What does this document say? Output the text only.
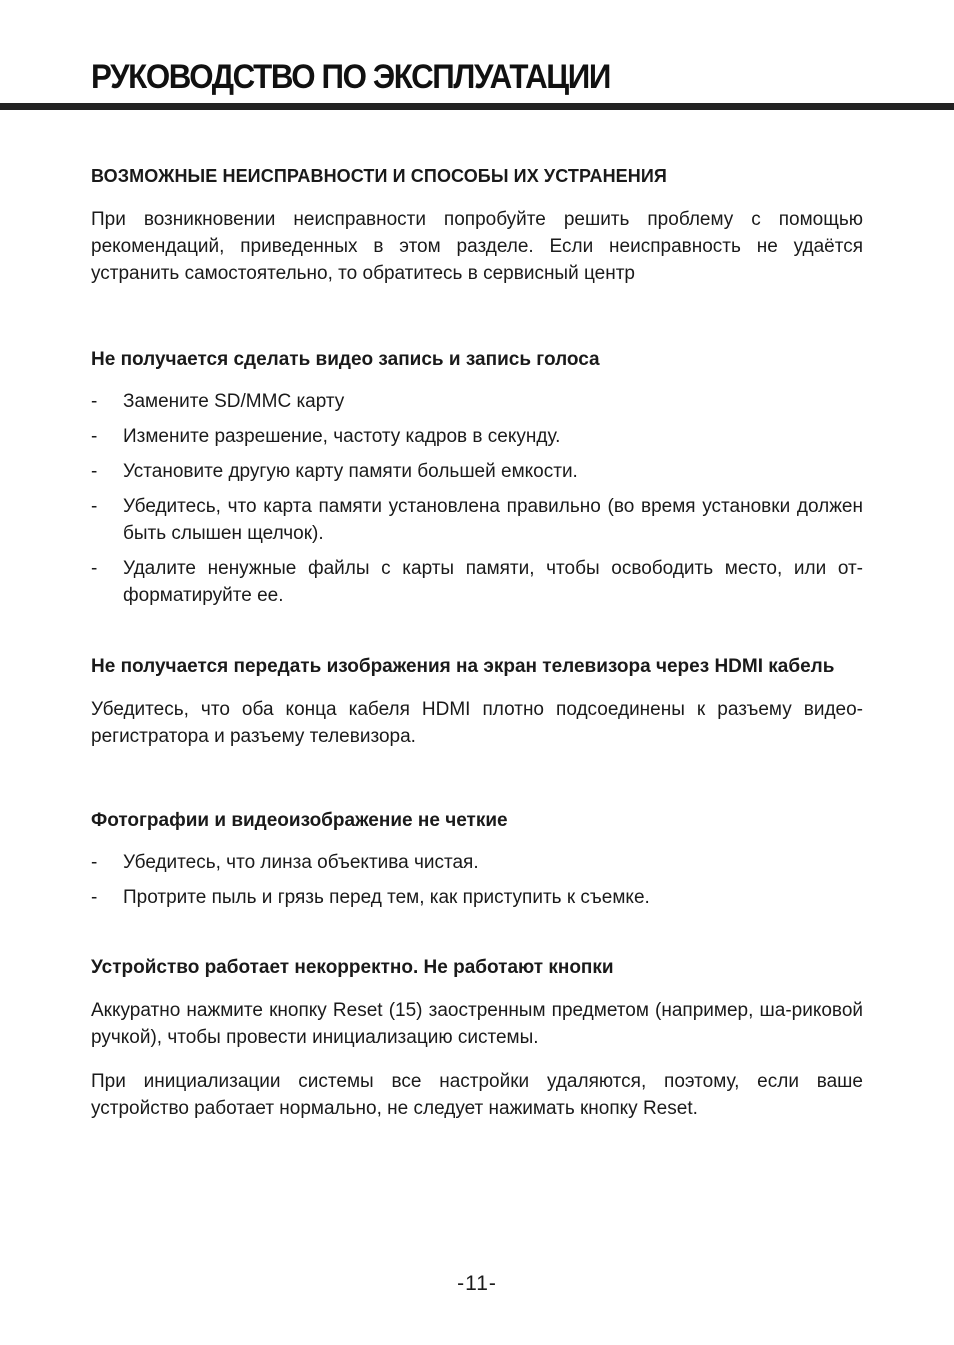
РУКОВОДСТВО ПО ЭКСПЛУАТАЦИИ
ВОЗМОЖНЫЕ НЕИСПРАВНОСТИ И СПОСОБЫ ИХ УСТРАНЕНИЯ

При возникновении неисправности попробуйте решить проблему с помощью рекомендаций, приведенных в этом разделе. Если неисправность не удаётся устранить самостоятельно, то обратитесь в сервисный центр

Не получается сделать видео запись и запись голоса
- Замените SD/MMC карту
- Измените разрешение, частоту кадров в секунду.
- Установите другую карту памяти большей емкости.
- Убедитесь, что карта памяти установлена правильно (во время установки должен быть слышен щелчок).
- Удалите ненужные файлы с карты памяти, чтобы освободить место, или от-форматируйте ее.
Не получается передать изображения на экран телевизора через HDMI кабель

Убедитесь, что оба конца кабеля HDMI плотно подсоединены к разъему видео-регистратора и разъему телевизора.

Фотографии и видеоизображение не четкие
- Убедитесь, что линза объектива чистая.
- Протрите пыль и грязь перед тем, как приступить к съемке.
Устройство работает некорректно. Не работают кнопки

Аккуратно нажмите кнопку Reset (15) заостренным предметом (например, ша-риковой ручкой), чтобы провести инициализацию системы.

При инициализации системы все настройки удаляются, поэтому, если ваше устройство работает нормально, не следует нажимать кнопку Reset.

-11-
